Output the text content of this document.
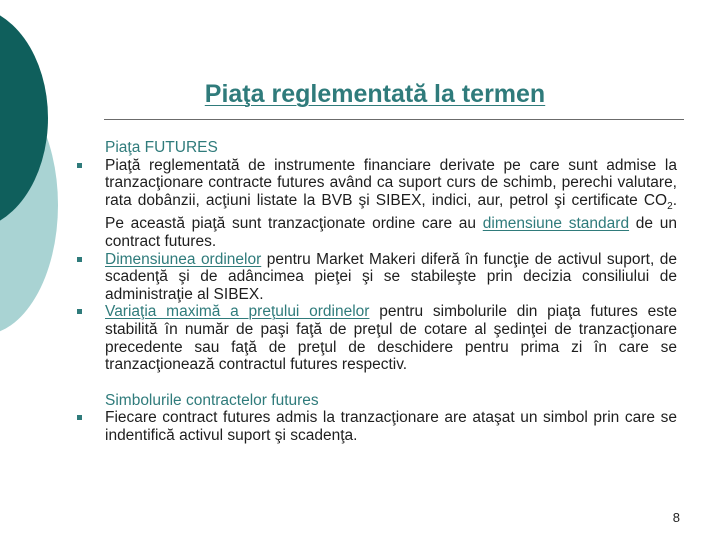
Piaţa reglementată la termen
Piaţa FUTURES
Piaţă reglementată de instrumente financiare derivate pe care sunt admise la tranzacţionare contracte futures având ca suport curs de schimb, perechi valutare, rata dobânzii, acţiuni listate la BVB şi SIBEX, indici, aur, petrol şi certificate $CO_2$. Pe această piaţă sunt tranzacţionate ordine care au dimensiune standard de un contract futures.
Dimensiunea ordinelor pentru Market Makeri diferă în funcţie de activul suport, de scadenţă şi de adâncimea pieţei şi se stabileşte prin decizia consiliului de administraţie al SIBEX.
Variaţia maximă a preţului ordinelor pentru simbolurile din piaţa futures este stabilită în număr de paşi faţă de preţul de cotare al şedinţei de tranzacţionare precedente sau faţă de preţul de deschidere pentru prima zi în care se tranzacţionează contractul futures respectiv.
Simbolurile contractelor futures
Fiecare contract futures admis la tranzacţionare are ataşat un simbol prin care se indentifică activul suport şi scadenţa.
8
